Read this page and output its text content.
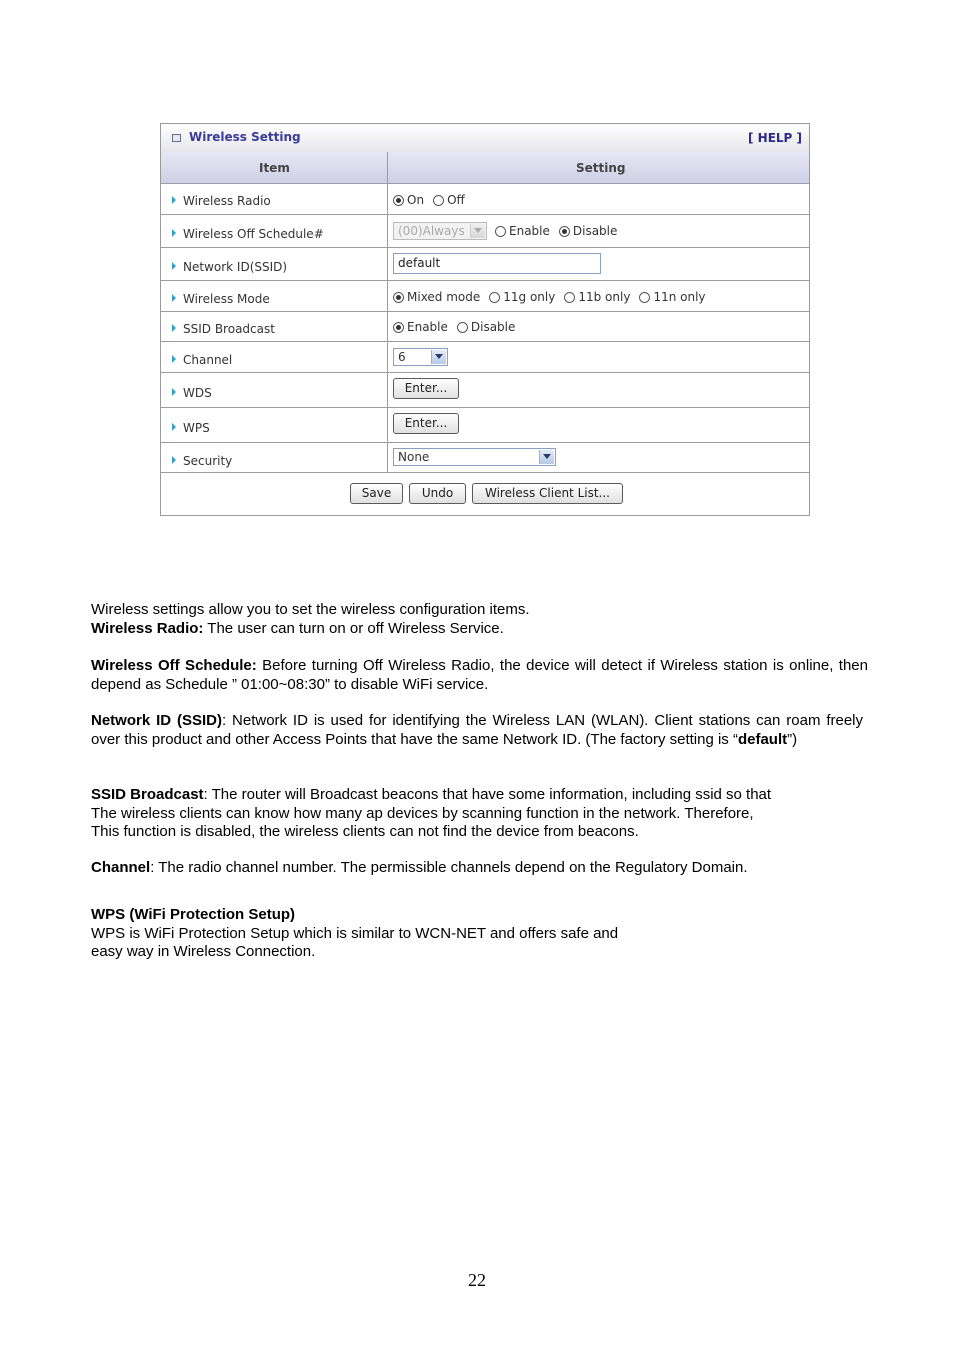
Wireless Setting	[ HELP ]
Item	Setting
Wireless Radio	On Off
Wireless Off Schedule#	(00)Always	Enable Disable
Network ID(SSID)	default
Wireless Mode	Mixed mode 11g only 11b only 11n only
SSID Broadcast	Enable Disable
Channel	6
WDS	Enter...
WPS	Enter...
Security	None
Save	Undo	Wireless Client List...
Wireless settings allow you to set the wireless configuration items.
Wireless Radio: The user can turn on or off Wireless Service.
Wireless Off Schedule: Before turning Off Wireless Radio, the device will detect if Wireless station is online, then depend as Schedule ” 01:00~08:30” to disable WiFi service.
Network ID (SSID): Network ID is used for identifying the Wireless LAN (WLAN). Client stations can roam freely over this product and other Access Points that have the same Network ID. (The factory setting is “default”)
SSID Broadcast: The router will Broadcast beacons that have some information, including ssid so that
The wireless clients can know how many ap devices by scanning function in the network. Therefore,
This function is disabled, the wireless clients can not find the device from beacons.
Channel: The radio channel number. The permissible channels depend on the Regulatory Domain.
WPS (WiFi Protection Setup)
WPS is WiFi Protection Setup which is similar to WCN-NET and offers safe and
easy way in Wireless Connection.
22
